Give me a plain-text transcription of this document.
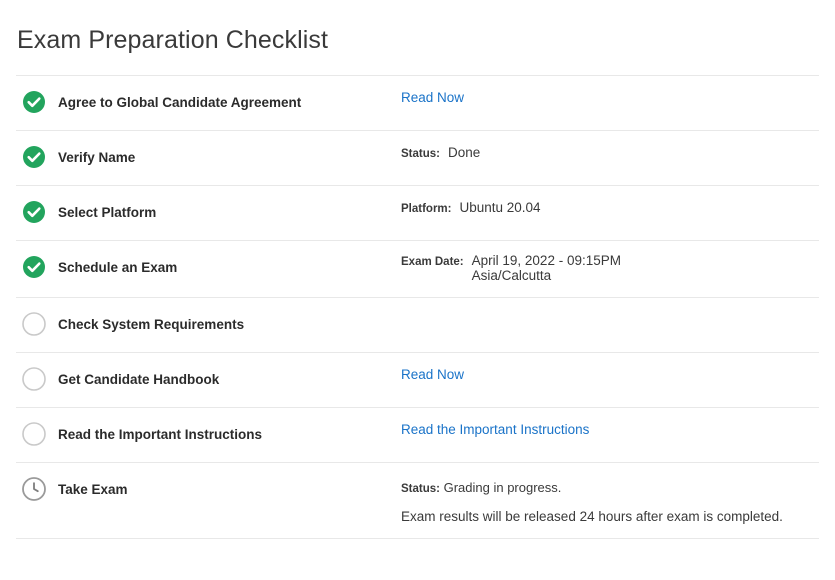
Exam Preparation Checklist
Agree to Global Candidate Agreement	Read Now
Verify Name	Status: Done
Select Platform	Platform: Ubuntu 20.04
Schedule an Exam	Exam Date: April 19, 2022 - 09:15PM
Asia/Calcutta
Check System Requirements
Get Candidate Handbook	Read Now
Read the Important Instructions	Read the Important Instructions
Take Exam	Status: Grading in progress.
Exam results will be released 24 hours after exam is completed.
